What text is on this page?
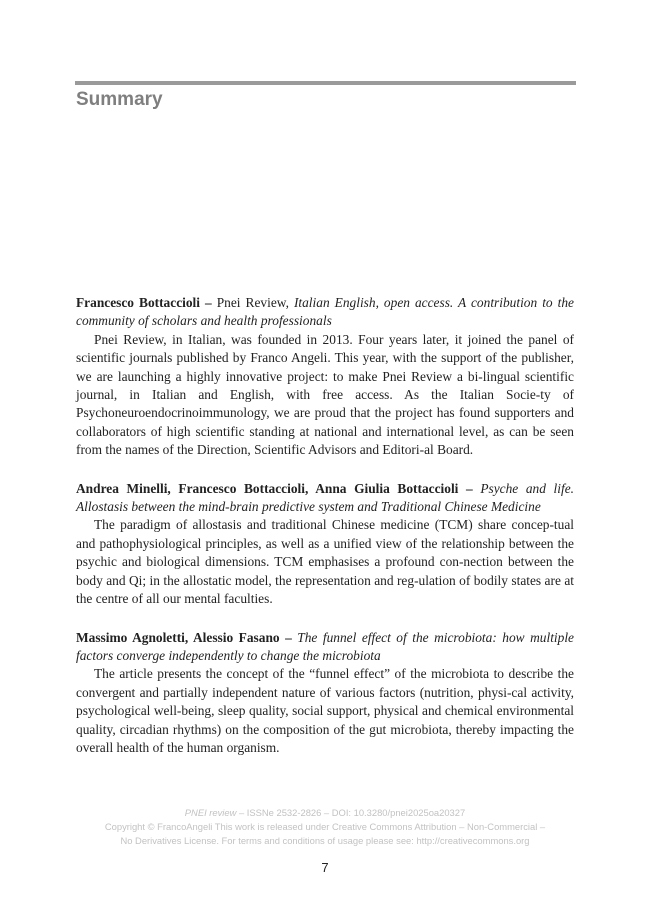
Summary

Francesco Bottaccioli – Pnei Review, Italian English, open access. A contribution to the community of scholars and health professionals

Pnei Review, in Italian, was founded in 2013. Four years later, it joined the panel of scientific journals published by Franco Angeli. This year, with the support of the publisher, we are launching a highly innovative project: to make Pnei Review a bi-lingual scientific journal, in Italian and English, with free access. As the Italian Socie-ty of Psychoneuroendocrinoimmunology, we are proud that the project has found supporters and collaborators of high scientific standing at national and international level, as can be seen from the names of the Direction, Scientific Advisors and Editori-al Board.

Andrea Minelli, Francesco Bottaccioli, Anna Giulia Bottaccioli – Psyche and life. Allostasis between the mind-brain predictive system and Traditional Chinese Medicine

The paradigm of allostasis and traditional Chinese medicine (TCM) share concep-tual and pathophysiological principles, as well as a unified view of the relationship between the psychic and biological dimensions. TCM emphasises a profound con-nection between the body and Qi; in the allostatic model, the representation and reg-ulation of bodily states are at the centre of all our mental faculties.

Massimo Agnoletti, Alessio Fasano – The funnel effect of the microbiota: how multiple factors converge independently to change the microbiota

The article presents the concept of the “funnel effect” of the microbiota to describe the convergent and partially independent nature of various factors (nutrition, physi-cal activity, psychological well-being, sleep quality, social support, physical and chemical environmental quality, circadian rhythms) on the composition of the gut microbiota, thereby impacting the overall health of the human organism.

PNEI review – ISSNe 2532-2826 – DOI: 10.3280/pnei2025oa20327
Copyright © FrancoAngeli This work is released under Creative Commons Attribution – Non-Commercial –
No Derivatives License. For terms and conditions of usage please see: http://creativecommons.org
7
